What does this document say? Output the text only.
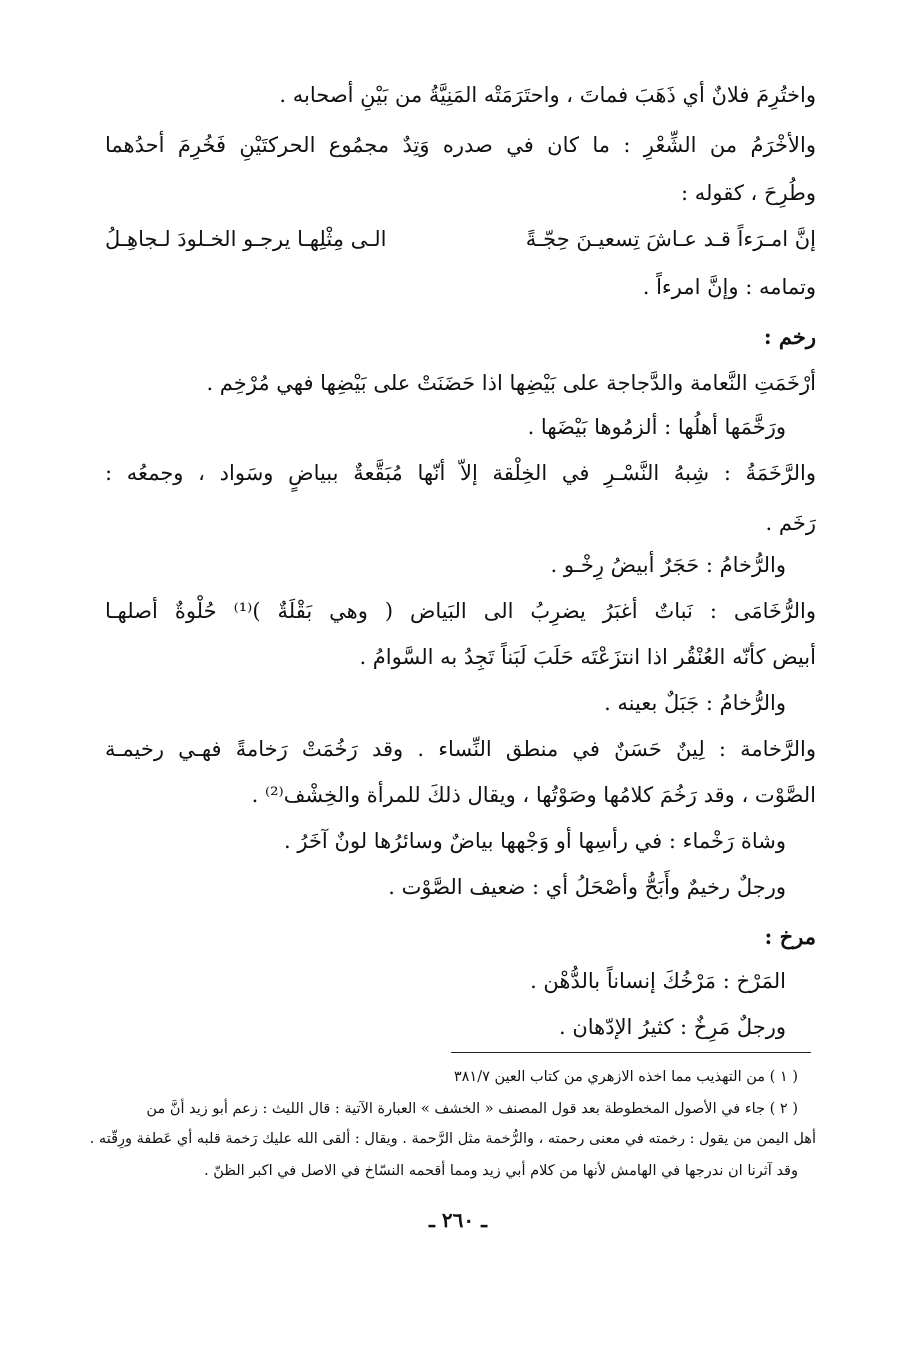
واختُرِمَ فلانٌ أي ذَهَبَ فماتَ ، واحتَرَمَتْه المَنِيَّةُ من بَيْنِ أصحابه .
والأخْرَمُ من الشِّعْرِ : ما كان في صدره وَتِدٌ مجمُوع الحركتَيْنِ فَخُرِمَ أحدُهما
وطُرِحَ ، كقوله :
إنَّ امـرَءاً قـد عـاشَ تِسعيـنَ حِجّـةً
الـى مِثْلِهـا يرجـو الخـلودَ لـجاهِـلُ
وتمامه : وإنَّ امرءاً .
رخم :
أرْخَمَتِ النَّعامة والدَّجاجة على بَيْضِها اذا حَضَنَتْ على بَيْضِها فهي مُرْخِم .
ورَخَّمَها أهلُها : ألزمُوها بَيْضَها .
والرَّخَمَةُ : شِبهُ النَّسْـرِ في الخِلْقة إلاّ أنّها مُبَقَّعةٌ ببياضٍ وسَواد ، وجمعُه :
رَخَم .
والرُّخامُ : حَجَرٌ أبيضُ رِخْـو .
والرُّخَامَى : نَباتٌ أغبَرُ يضرِبُ الى البَياض ( وهي بَقْلَةٌ )⁽¹⁾ حُلْوةٌ أصلهـا
أبيض كأنّه العُنْقُر اذا انتزَعْتَه حَلَبَ لَبَناً تَجِدُ به السَّوامُ .
والرُّخامُ : جَبَلٌ بعينه .
والرَّخامة : لِينٌ حَسَنٌ في منطق النِّساء . وقد رَخُمَتْ رَخامةً فهـي رخيمـة
الصَّوْت ، وقد رَخُمَ كلامُها وصَوْتُها ، ويقال ذلكَ للمرأة والخِشْف⁽²⁾ .
وشاة رَخْماء : في رأسِها أو وَجْهها بياضٌ وسائرُها لونٌ آخَرُ .
ورجلٌ رخيمٌ وأَبَحُّ وأصْحَلُ أي : ضعيف الصَّوْت .
مرخ :
المَرْخ : مَرْخُكَ إنساناً بالدُّهْن .
ورجلٌ مَرِخٌ : كثيرُ الإدّهان .
( ١ ) من التهذيب مما اخذه الازهري من كتاب العين ٣٨١/٧
( ٢ ) جاء في الأصول المخطوطة بعد قول المصنف « الخشف » العبارة الآتية : قال الليث : زعم أبو زيد أنَّ من
أهل اليمن من يقول : رخمته في معنى رحمته ، والرُّخمة مثل الرَّحمة . ويقال : ألقى الله عليك رَخمة قلبه أي عَطفة ورِقّته .
وقد آثرنا ان ندرجها في الهامش لأنها من كلام أبي زيد ومما أقحمه النسّاخ في الاصل في اكبر الظنّ .
ـ ٢٦٠ ـ
